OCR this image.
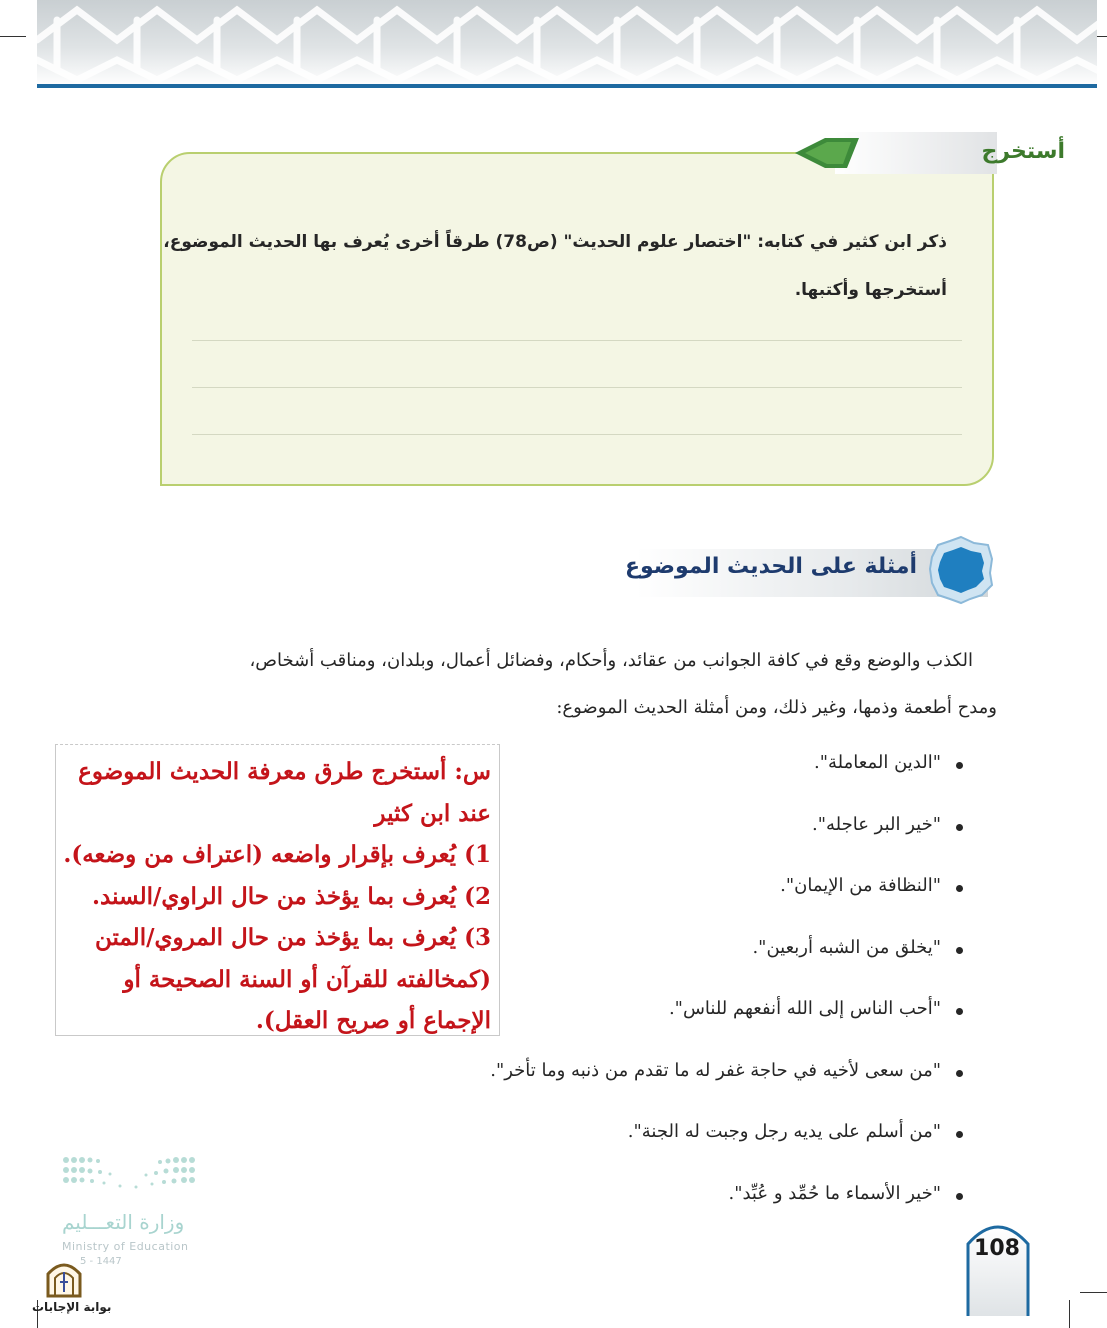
أستخرج
ذكر ابن كثير في كتابه: "اختصار علوم الحديث" (ص78) طرقاً أخرى يُعرف بها الحديث الموضوع،
أستخرجها وأكتبها.
أمثلة على الحديث الموضوع
الكذب والوضع وقع في كافة الجوانب من عقائد، وأحكام، وفضائل أعمال، وبلدان، ومناقب أشخاص،
ومدح أطعمة وذمها، وغير ذلك، ومن أمثلة الحديث الموضوع:
"الدين المعاملة".
"خير البر عاجله".
"النظافة من الإيمان".
"يخلق من الشبه أربعين".
"أحب الناس إلى الله أنفعهم للناس".
"من سعى لأخيه في حاجة غفر له ما تقدم من ذنبه وما تأخر".
"من أسلم على يديه رجل وجبت له الجنة".
"خير الأسماء ما حُمِّد و عُبِّد".
س: أستخرج طرق معرفة الحديث الموضوع
عند ابن كثير
1) يُعرف بإقرار واضعه (اعتراف من وضعه).
2) يُعرف بما يؤخذ من حال الراوي/السند.
3) يُعرف بما يؤخذ من حال المروي/المتن
(كمخالفته للقرآن أو السنة الصحيحة أو
الإجماع أو صريح العقل).
وزارة التعـــليم
Ministry of Education
5 - 1447
بوابة الإجابات
108
